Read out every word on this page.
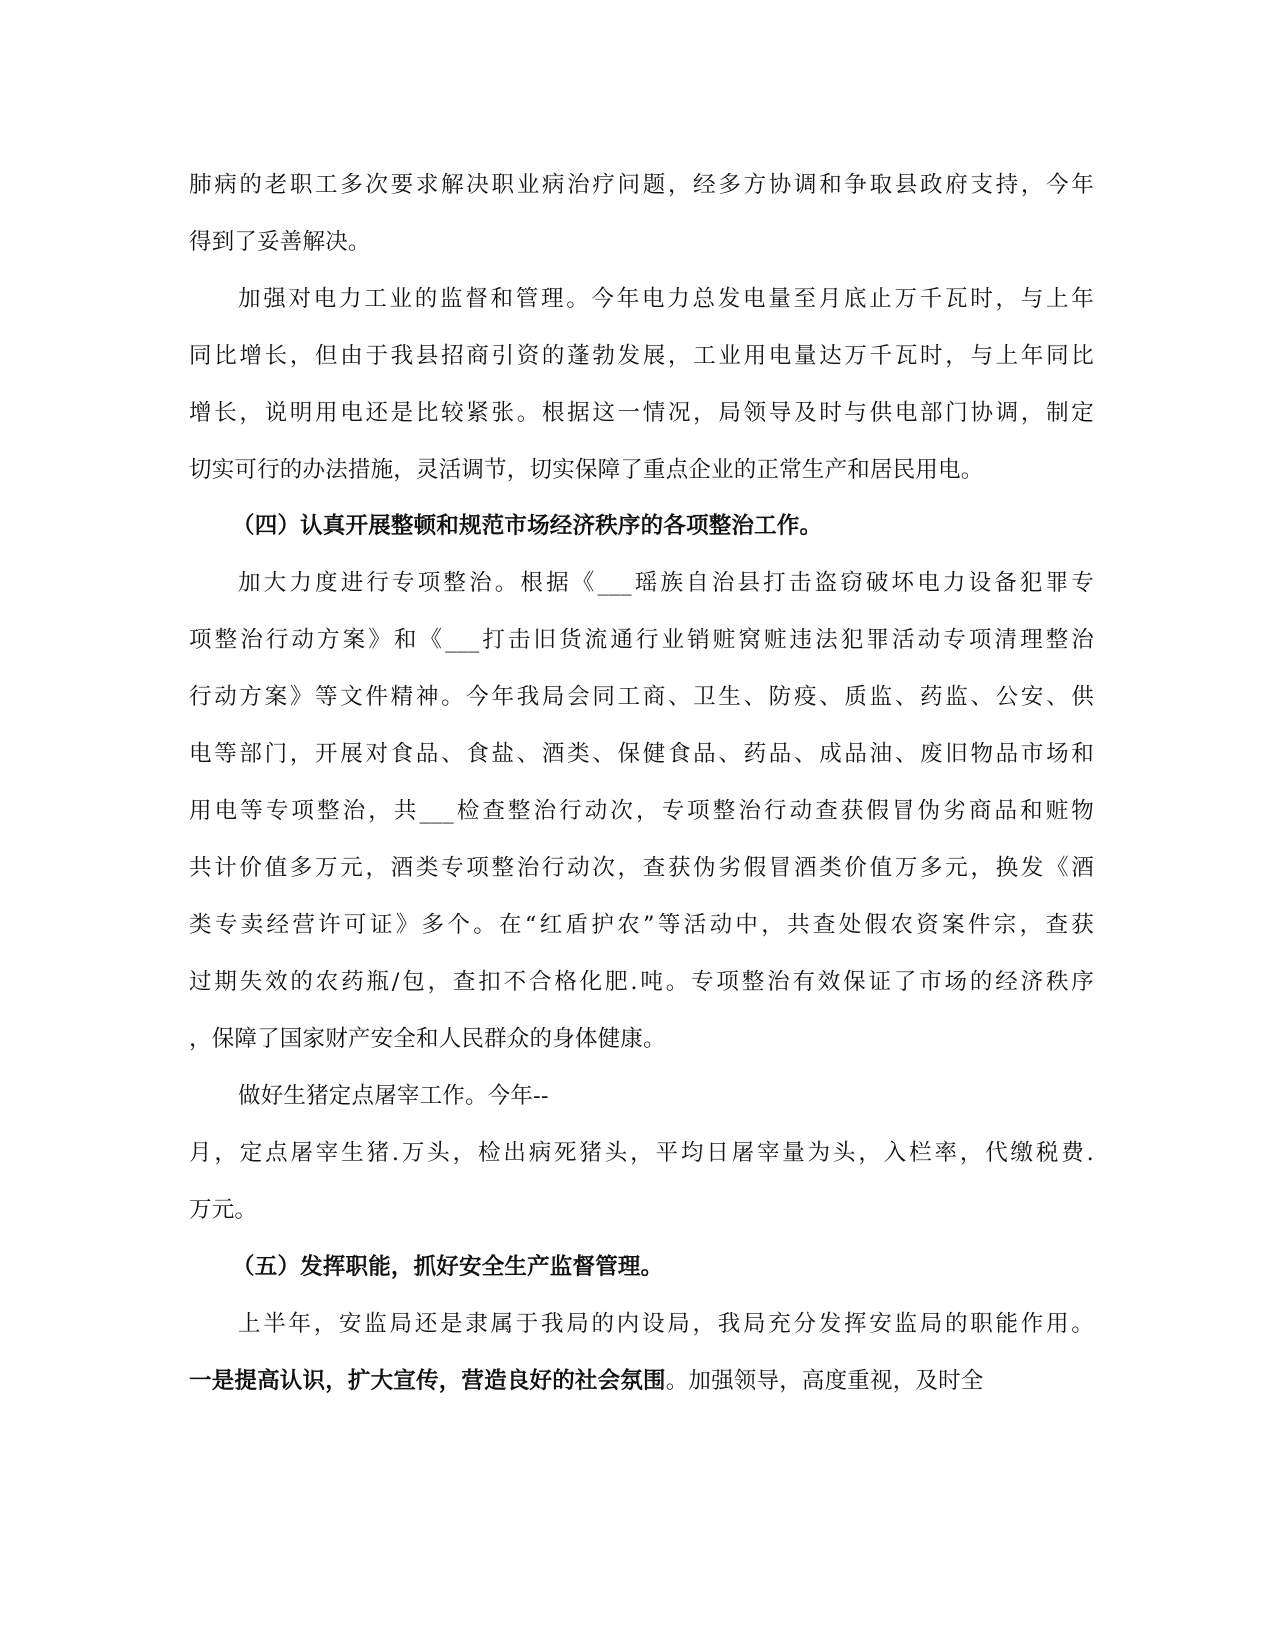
肺病的老职工多次要求解决职业病治疗问题，经多方协调和争取县政府支持，今年
得到了妥善解决。
加强对电力工业的监督和管理。今年电力总发电量至月底止万千瓦时，与上年
同比增长，但由于我县招商引资的蓬勃发展，工业用电量达万千瓦时，与上年同比
增长，说明用电还是比较紧张。根据这一情况，局领导及时与供电部门协调，制定
切实可行的办法措施，灵活调节，切实保障了重点企业的正常生产和居民用电。
（四）认真开展整顿和规范市场经济秩序的各项整治工作。
加大力度进行专项整治。根据《___瑶族自治县打击盗窃破坏电力设备犯罪专
项整治行动方案》和《___打击旧货流通行业销赃窝赃违法犯罪活动专项清理整治
行动方案》等文件精神。今年我局会同工商、卫生、防疫、质监、药监、公安、供
电等部门，开展对食品、食盐、酒类、保健食品、药品、成品油、废旧物品市场和
用电等专项整治，共___检查整治行动次，专项整治行动查获假冒伪劣商品和赃物
共计价值多万元，酒类专项整治行动次，查获伪劣假冒酒类价值万多元，换发《酒
类专卖经营许可证》多个。在“红盾护农”等活动中，共查处假农资案件宗，查获
过期失效的农药瓶/包，查扣不合格化肥.吨。专项整治有效保证了市场的经济秩序
，保障了国家财产安全和人民群众的身体健康。
做好生猪定点屠宰工作。今年--
月，定点屠宰生猪.万头，检出病死猪头，平均日屠宰量为头，入栏率，代缴税费.
万元。
（五）发挥职能，抓好安全生产监督管理。
上半年，安监局还是隶属于我局的内设局，我局充分发挥安监局的职能作用。
一是提高认识，扩大宣传，营造良好的社会氛围。加强领导，高度重视，及时全
